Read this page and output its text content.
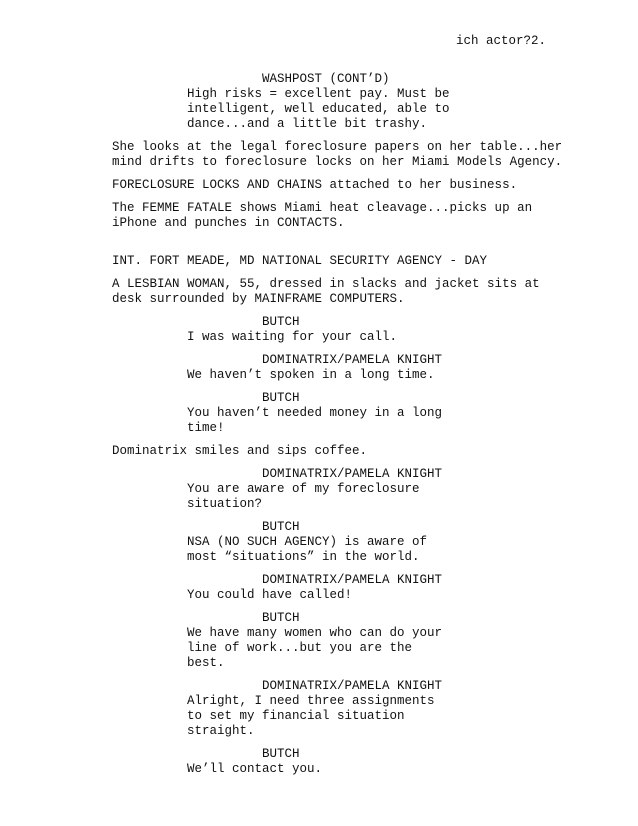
ich actor?2.
WASHPOST (CONT’D)
High risks = excellent pay. Must be
intelligent, well educated, able to
dance...and a little bit trashy.
She looks at the legal foreclosure papers on her table...her
mind drifts to foreclosure locks on her Miami Models Agency.
FORECLOSURE LOCKS AND CHAINS attached to her business.
The FEMME FATALE shows Miami heat cleavage...picks up an
iPhone and punches in CONTACTS.
INT. FORT MEADE, MD NATIONAL SECURITY AGENCY - DAY
A LESBIAN WOMAN, 55, dressed in slacks and jacket sits at
desk surrounded by MAINFRAME COMPUTERS.
BUTCH
I was waiting for your call.
DOMINATRIX/PAMELA KNIGHT
We haven’t spoken in a long time.
BUTCH
You haven’t needed money in a long
time!
Dominatrix smiles and sips coffee.
DOMINATRIX/PAMELA KNIGHT
You are aware of my foreclosure
situation?
BUTCH
NSA (NO SUCH AGENCY) is aware of
most “situations” in the world.
DOMINATRIX/PAMELA KNIGHT
You could have called!
BUTCH
We have many women who can do your
line of work...but you are the
best.
DOMINATRIX/PAMELA KNIGHT
Alright, I need three assignments
to set my financial situation
straight.
BUTCH
We’ll contact you.
